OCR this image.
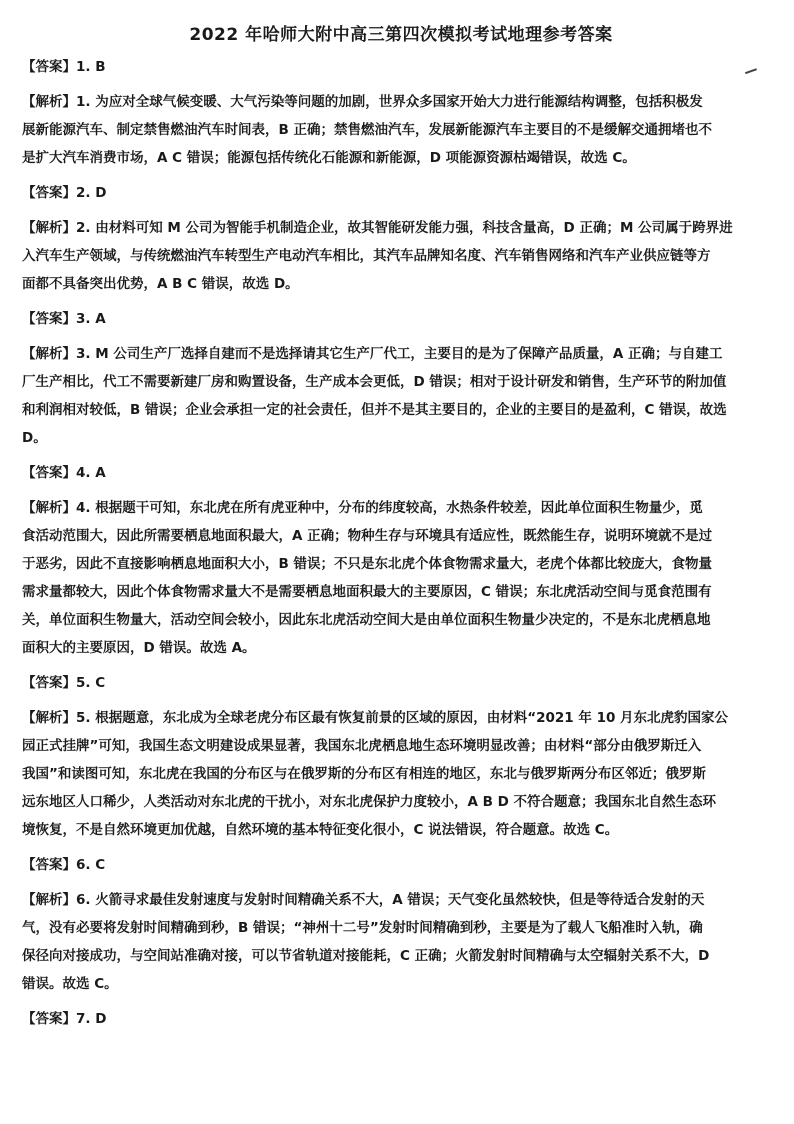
2022 年哈师大附中高三第四次模拟考试地理参考答案
【答案】1. B
【解析】1. 为应对全球气候变暖、大气污染等问题的加剧，世界众多国家开始大力进行能源结构调整，包括积极发
展新能源汽车、制定禁售燃油汽车时间表，B 正确；禁售燃油汽车，发展新能源汽车主要目的不是缓解交通拥堵也不
是扩大汽车消费市场，A C 错误；能源包括传统化石能源和新能源，D 项能源资源枯竭错误，故选 C。
【答案】2. D
【解析】2. 由材料可知 M 公司为智能手机制造企业，故其智能研发能力强，科技含量高，D 正确；M 公司属于跨界进
入汽车生产领域，与传统燃油汽车转型生产电动汽车相比，其汽车品牌知名度、汽车销售网络和汽车产业供应链等方
面都不具备突出优势，A B C 错误，故选 D。
【答案】3. A
【解析】3. M 公司生产厂选择自建而不是选择请其它生产厂代工，主要目的是为了保障产品质量，A 正确；与自建工
厂生产相比，代工不需要新建厂房和购置设备，生产成本会更低，D 错误；相对于设计研发和销售，生产环节的附加值
和利润相对较低，B 错误；企业会承担一定的社会责任，但并不是其主要目的，企业的主要目的是盈利，C 错误，故选
D。
【答案】4. A
【解析】4. 根据题干可知，东北虎在所有虎亚种中，分布的纬度较高，水热条件较差，因此单位面积生物量少，觅
食活动范围大，因此所需要栖息地面积最大，A 正确；物种生存与环境具有适应性，既然能生存，说明环境就不是过
于恶劣，因此不直接影响栖息地面积大小，B 错误；不只是东北虎个体食物需求量大，老虎个体都比较庞大，食物量
需求量都较大，因此个体食物需求量大不是需要栖息地面积最大的主要原因，C 错误；东北虎活动空间与觅食范围有
关，单位面积生物量大，活动空间会较小，因此东北虎活动空间大是由单位面积生物量少决定的，不是东北虎栖息地
面积大的主要原因，D 错误。故选 A。
【答案】5. C
【解析】5. 根据题意，东北成为全球老虎分布区最有恢复前景的区域的原因，由材料“2021 年 10 月东北虎豹国家公
园正式挂牌”可知，我国生态文明建设成果显著，我国东北虎栖息地生态环境明显改善；由材料“部分由俄罗斯迁入
我国”和读图可知，东北虎在我国的分布区与在俄罗斯的分布区有相连的地区，东北与俄罗斯两分布区邻近；俄罗斯
远东地区人口稀少，人类活动对东北虎的干扰小，对东北虎保护力度较小，A B D 不符合题意；我国东北自然生态环
境恢复，不是自然环境更加优越，自然环境的基本特征变化很小，C 说法错误，符合题意。故选 C。
【答案】6. C
【解析】6. 火箭寻求最佳发射速度与发射时间精确关系不大，A 错误；天气变化虽然较快，但是等待适合发射的天
气，没有必要将发射时间精确到秒，B 错误；“神州十二号”发射时间精确到秒，主要是为了载人飞船准时入轨，确
保径向对接成功，与空间站准确对接，可以节省轨道对接能耗，C 正确；火箭发射时间精确与太空辐射关系不大，D
错误。故选 C。
【答案】7. D
